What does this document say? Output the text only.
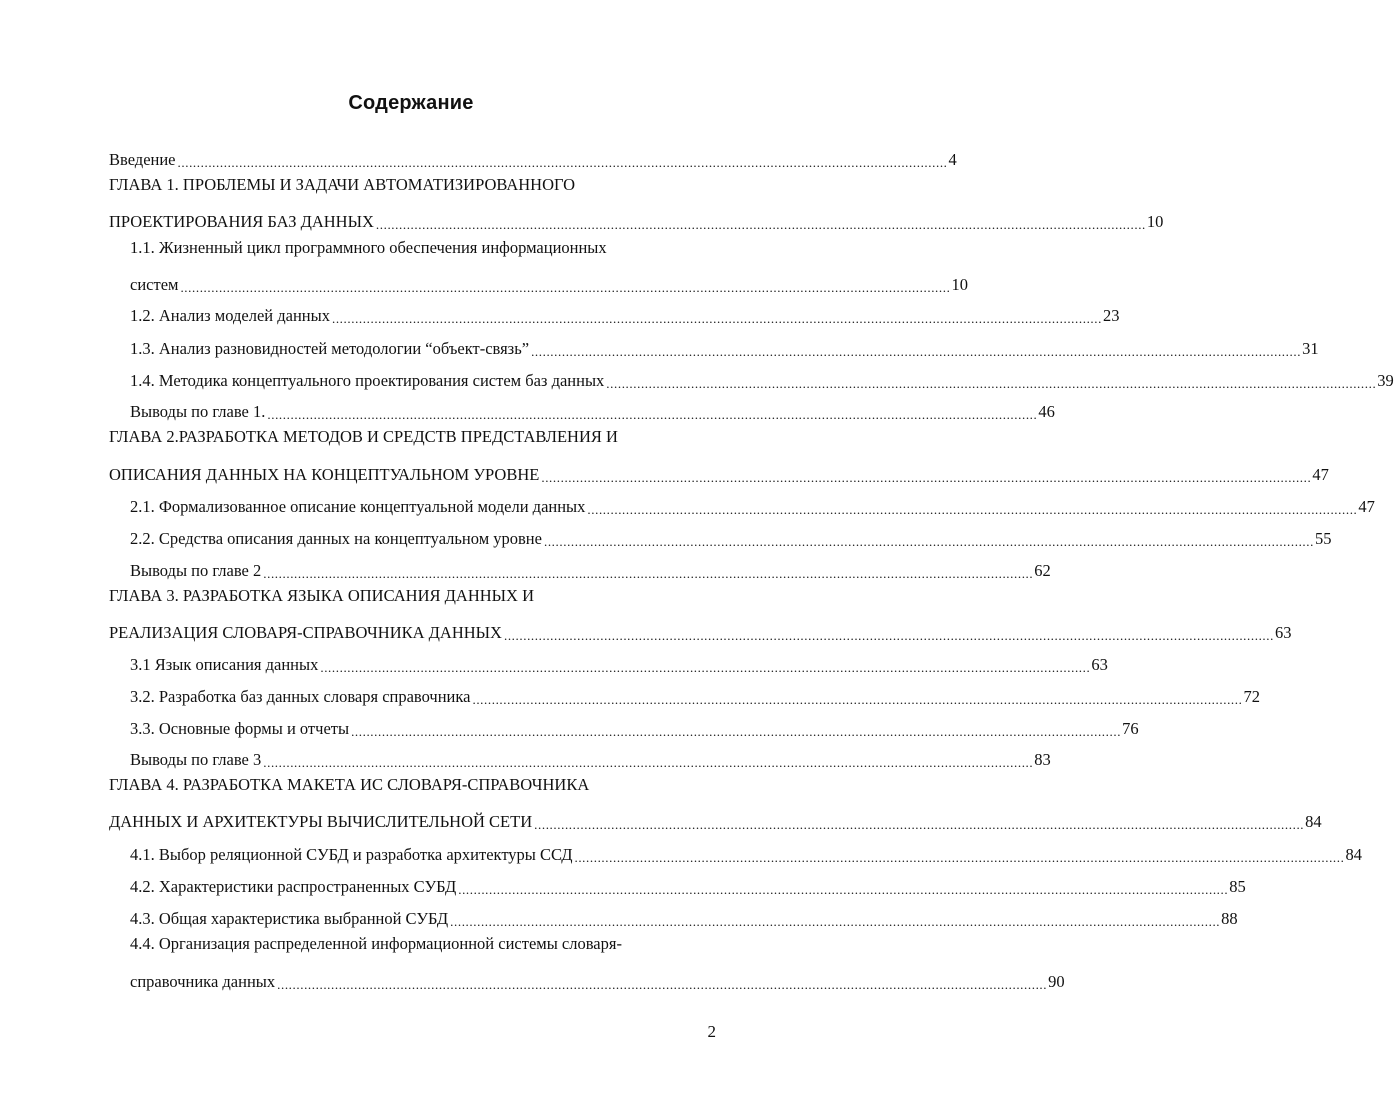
Содержание
Введение ........................................................................................................................................................................................................ 4
ГЛАВА 1. ПРОБЛЕМЫ И ЗАДАЧИ АВТОМАТИЗИРОВАННОГО
ПРОЕКТИРОВАНИЯ БАЗ ДАННЫХ ........................................................................................................................................................................................................ 10
1.1. Жизненный цикл программного обеспечения информационных
систем ........................................................................................................................................................................................................ 10
1.2. Анализ моделей данных ........................................................................................................................................................................................................ 23
1.3. Анализ разновидностей методологии “объект-связь” ........................................................................................................................................................................................................ 31
1.4. Методика концептуального проектирования систем баз данных ........................................................................................................................................................................................................ 39
Выводы по главе 1. ........................................................................................................................................................................................................ 46
ГЛАВА 2.РАЗРАБОТКА МЕТОДОВ И СРЕДСТВ ПРЕДСТАВЛЕНИЯ И
ОПИСАНИЯ ДАННЫХ НА КОНЦЕПТУАЛЬНОМ УРОВНЕ ........................................................................................................................................................................................................ 47
2.1. Формализованное описание концептуальной модели данных ........................................................................................................................................................................................................ 47
2.2. Средства описания данных на концептуальном уровне ........................................................................................................................................................................................................ 55
Выводы по главе 2 ........................................................................................................................................................................................................ 62
ГЛАВА 3. РАЗРАБОТКА ЯЗЫКА ОПИСАНИЯ ДАННЫХ И
РЕАЛИЗАЦИЯ СЛОВАРЯ-СПРАВОЧНИКА ДАННЫХ ........................................................................................................................................................................................................ 63
3.1 Язык описания данных ........................................................................................................................................................................................................ 63
3.2. Разработка баз данных словаря справочника ........................................................................................................................................................................................................ 72
3.3. Основные формы и отчеты ........................................................................................................................................................................................................ 76
Выводы по главе 3 ........................................................................................................................................................................................................ 83
ГЛАВА 4. РАЗРАБОТКА МАКЕТА ИС СЛОВАРЯ-СПРАВОЧНИКА
ДАННЫХ И АРХИТЕКТУРЫ ВЫЧИСЛИТЕЛЬНОЙ СЕТИ ........................................................................................................................................................................................................ 84
4.1. Выбор реляционной СУБД и разработка архитектуры ССД ........................................................................................................................................................................................................ 84
4.2. Характеристики распространенных СУБД ........................................................................................................................................................................................................ 85
4.3. Общая характеристика выбранной СУБД ........................................................................................................................................................................................................ 88
4.4. Организация распределенной информационной системы словаря-
справочника данных ........................................................................................................................................................................................................ 90
2
